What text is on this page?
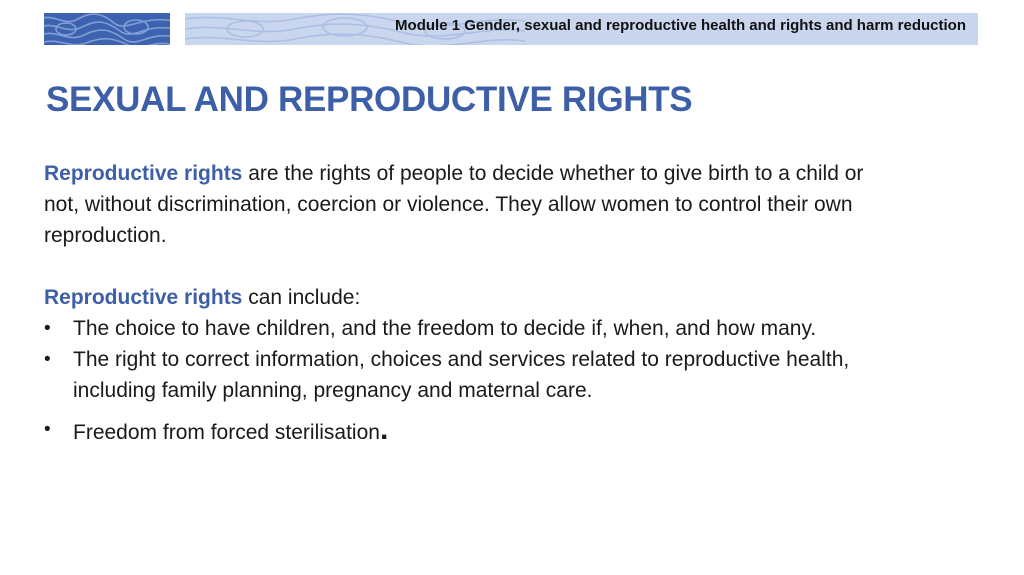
Module 1 Gender, sexual and reproductive health and rights and harm reduction
SEXUAL AND REPRODUCTIVE RIGHTS

Reproductive rights are the rights of people to decide whether to give birth to a child or not, without discrimination, coercion or violence. They allow women to control their own reproduction.

Reproductive rights can include:

• The choice to have children, and the freedom to decide if, when, and how many.
• The right to correct information, choices and services related to reproductive health, including family planning, pregnancy and maternal care.
• Freedom from forced sterilisation.
